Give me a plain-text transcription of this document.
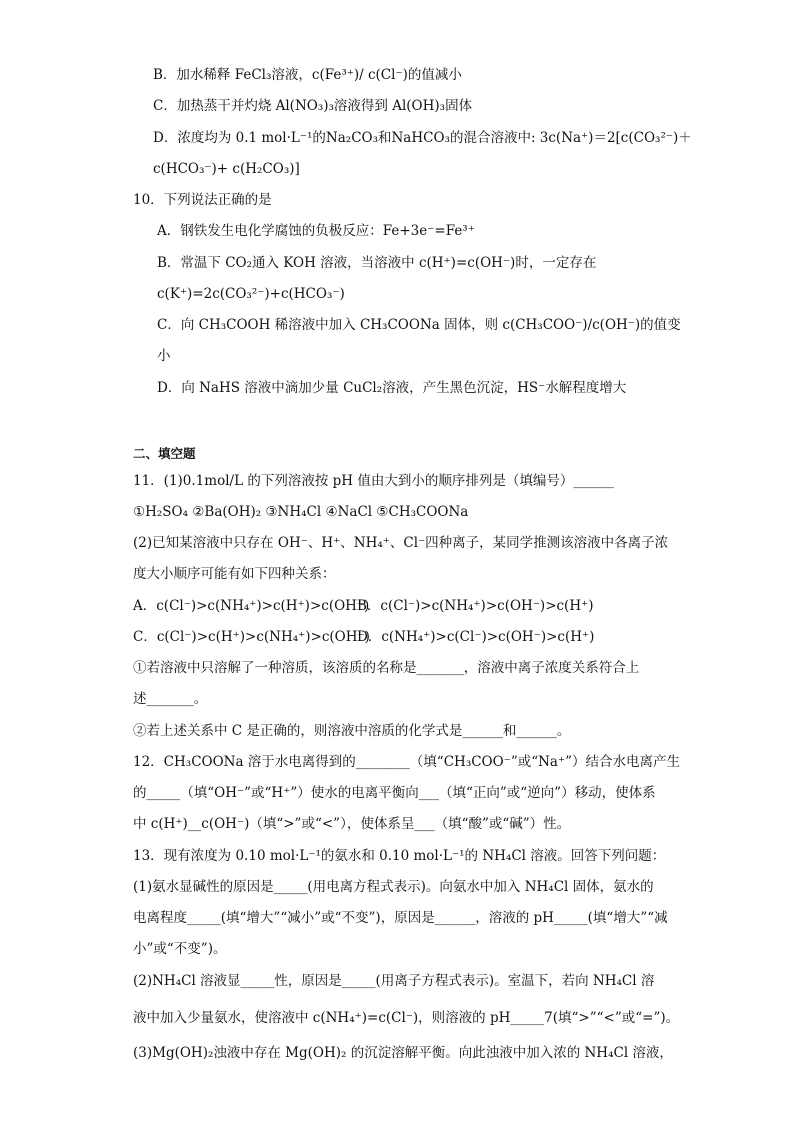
B．加水稀释 FeCl₃溶液，c(Fe³⁺)/ c(Cl⁻)的值减小
C．加热蒸干并灼烧 Al(NO₃)₃溶液得到 Al(OH)₃固体
D．浓度均为 0.1 mol·L⁻¹的Na₂CO₃和NaHCO₃的混合溶液中: 3c(Na⁺)＝2[c(CO₃²⁻)＋
c(HCO₃⁻)+ c(H₂CO₃)]
10．下列说法正确的是
A．钢铁发生电化学腐蚀的负极反应：Fe+3e⁻=Fe³⁺
B．常温下 CO₂通入 KOH 溶液，当溶液中 c(H⁺)=c(OH⁻)时，一定存在
c(K⁺)=2c(CO₃²⁻)+c(HCO₃⁻)
C．向 CH₃COOH 稀溶液中加入 CH₃COONa 固体，则 c(CH₃COO⁻)/c(OH⁻)的值变
小
D．向 NaHS 溶液中滴加少量 CuCl₂溶液，产生黑色沉淀，HS⁻水解程度增大
二、填空题
11．(1)0.1mol/L 的下列溶液按 pH 值由大到小的顺序排列是（填编号）______
①H₂SO₄ ②Ba(OH)₂ ③NH₄Cl ④NaCl ⑤CH₃COONa
(2)已知某溶液中只存在 OH⁻、H⁺、NH₄⁺、Cl⁻四种离子，某同学推测该溶液中各离子浓
度大小顺序可能有如下四种关系：
A．c(Cl⁻)>c(NH₄⁺)>c(H⁺)>c(OH⁻)
B．c(Cl⁻)>c(NH₄⁺)>c(OH⁻)>c(H⁺)
C．c(Cl⁻)>c(H⁺)>c(NH₄⁺)>c(OH⁻)
D．c(NH₄⁺)>c(Cl⁻)>c(OH⁻)>c(H⁺)
①若溶液中只溶解了一种溶质，该溶质的名称是_______，溶液中离子浓度关系符合上
述_______。
②若上述关系中 C 是正确的，则溶液中溶质的化学式是______和______。
12．CH₃COONa 溶于水电离得到的________（填“CH₃COO⁻”或“Na⁺”）结合水电离产生
的_____（填“OH⁻”或“H⁺”）使水的电离平衡向___（填“正向”或“逆向”）移动，使体系
中 c(H⁺)__c(OH⁻)（填“>”或“<”），使体系呈___（填“酸”或“碱”）性。
13．现有浓度为 0.10 mol·L⁻¹的氨水和 0.10 mol·L⁻¹的 NH₄Cl 溶液。回答下列问题：
(1)氨水显碱性的原因是_____(用电离方程式表示)。向氨水中加入 NH₄Cl 固体，氨水的
电离程度_____(填“增大”“减小”或“不变”)，原因是______，溶液的 pH_____(填“增大”“减
小”或“不变”)。
(2)NH₄Cl 溶液显_____性，原因是_____(用离子方程式表示)。室温下，若向 NH₄Cl 溶
液中加入少量氨水，使溶液中 c(NH₄⁺)=c(Cl⁻)，则溶液的 pH_____7(填“>”“<”或“=”)。
(3)Mg(OH)₂浊液中存在 Mg(OH)₂ 的沉淀溶解平衡。向此浊液中加入浓的 NH₄Cl 溶液，
